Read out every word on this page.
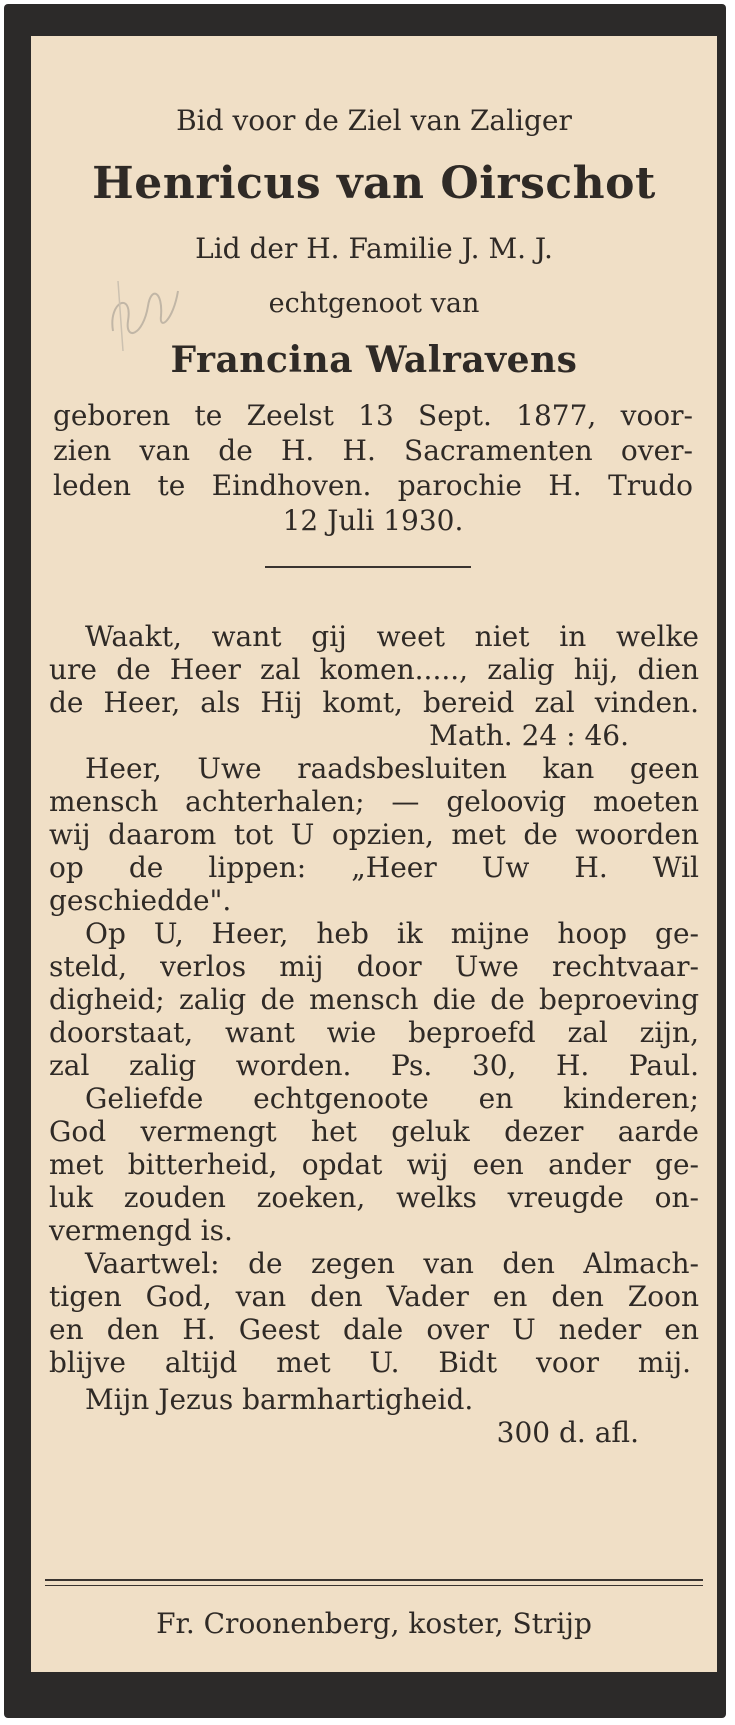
Bid voor de Ziel van Zaliger
Henricus van Oirschot
Lid der H. Familie J. M. J.
echtgenoot van
Francina Walravens
geboren te Zeelst 13 Sept. 1877, voor-
zien van de H. H. Sacramenten over-
leden te Eindhoven. parochie H. Trudo
12 Juli 1930.
Waakt, want gij weet niet in welke
ure de Heer zal komen....., zalig hij, dien
de Heer, als Hij komt, bereid zal vinden.
Math. 24 : 46.
Heer, Uwe raadsbesluiten kan geen
mensch achterhalen; — geloovig moeten
wij daarom tot U opzien, met de woorden
op de lippen: „Heer Uw H. Wil
geschiedde".
Op U, Heer, heb ik mijne hoop ge-
steld, verlos mij door Uwe rechtvaar-
digheid; zalig de mensch die de beproeving
doorstaat, want wie beproefd zal zijn,
zal zalig worden. Ps. 30, H. Paul.
Geliefde echtgenoote en kinderen;
God vermengt het geluk dezer aarde
met bitterheid, opdat wij een ander ge-
luk zouden zoeken, welks vreugde on-
vermengd is.
Vaartwel: de zegen van den Almach-
tigen God, van den Vader en den Zoon
en den H. Geest dale over U neder en
blijve altijd met U. Bidt voor mij.
Mijn Jezus barmhartigheid.
300 d. afl.
Fr. Croonenberg, koster, Strijp
